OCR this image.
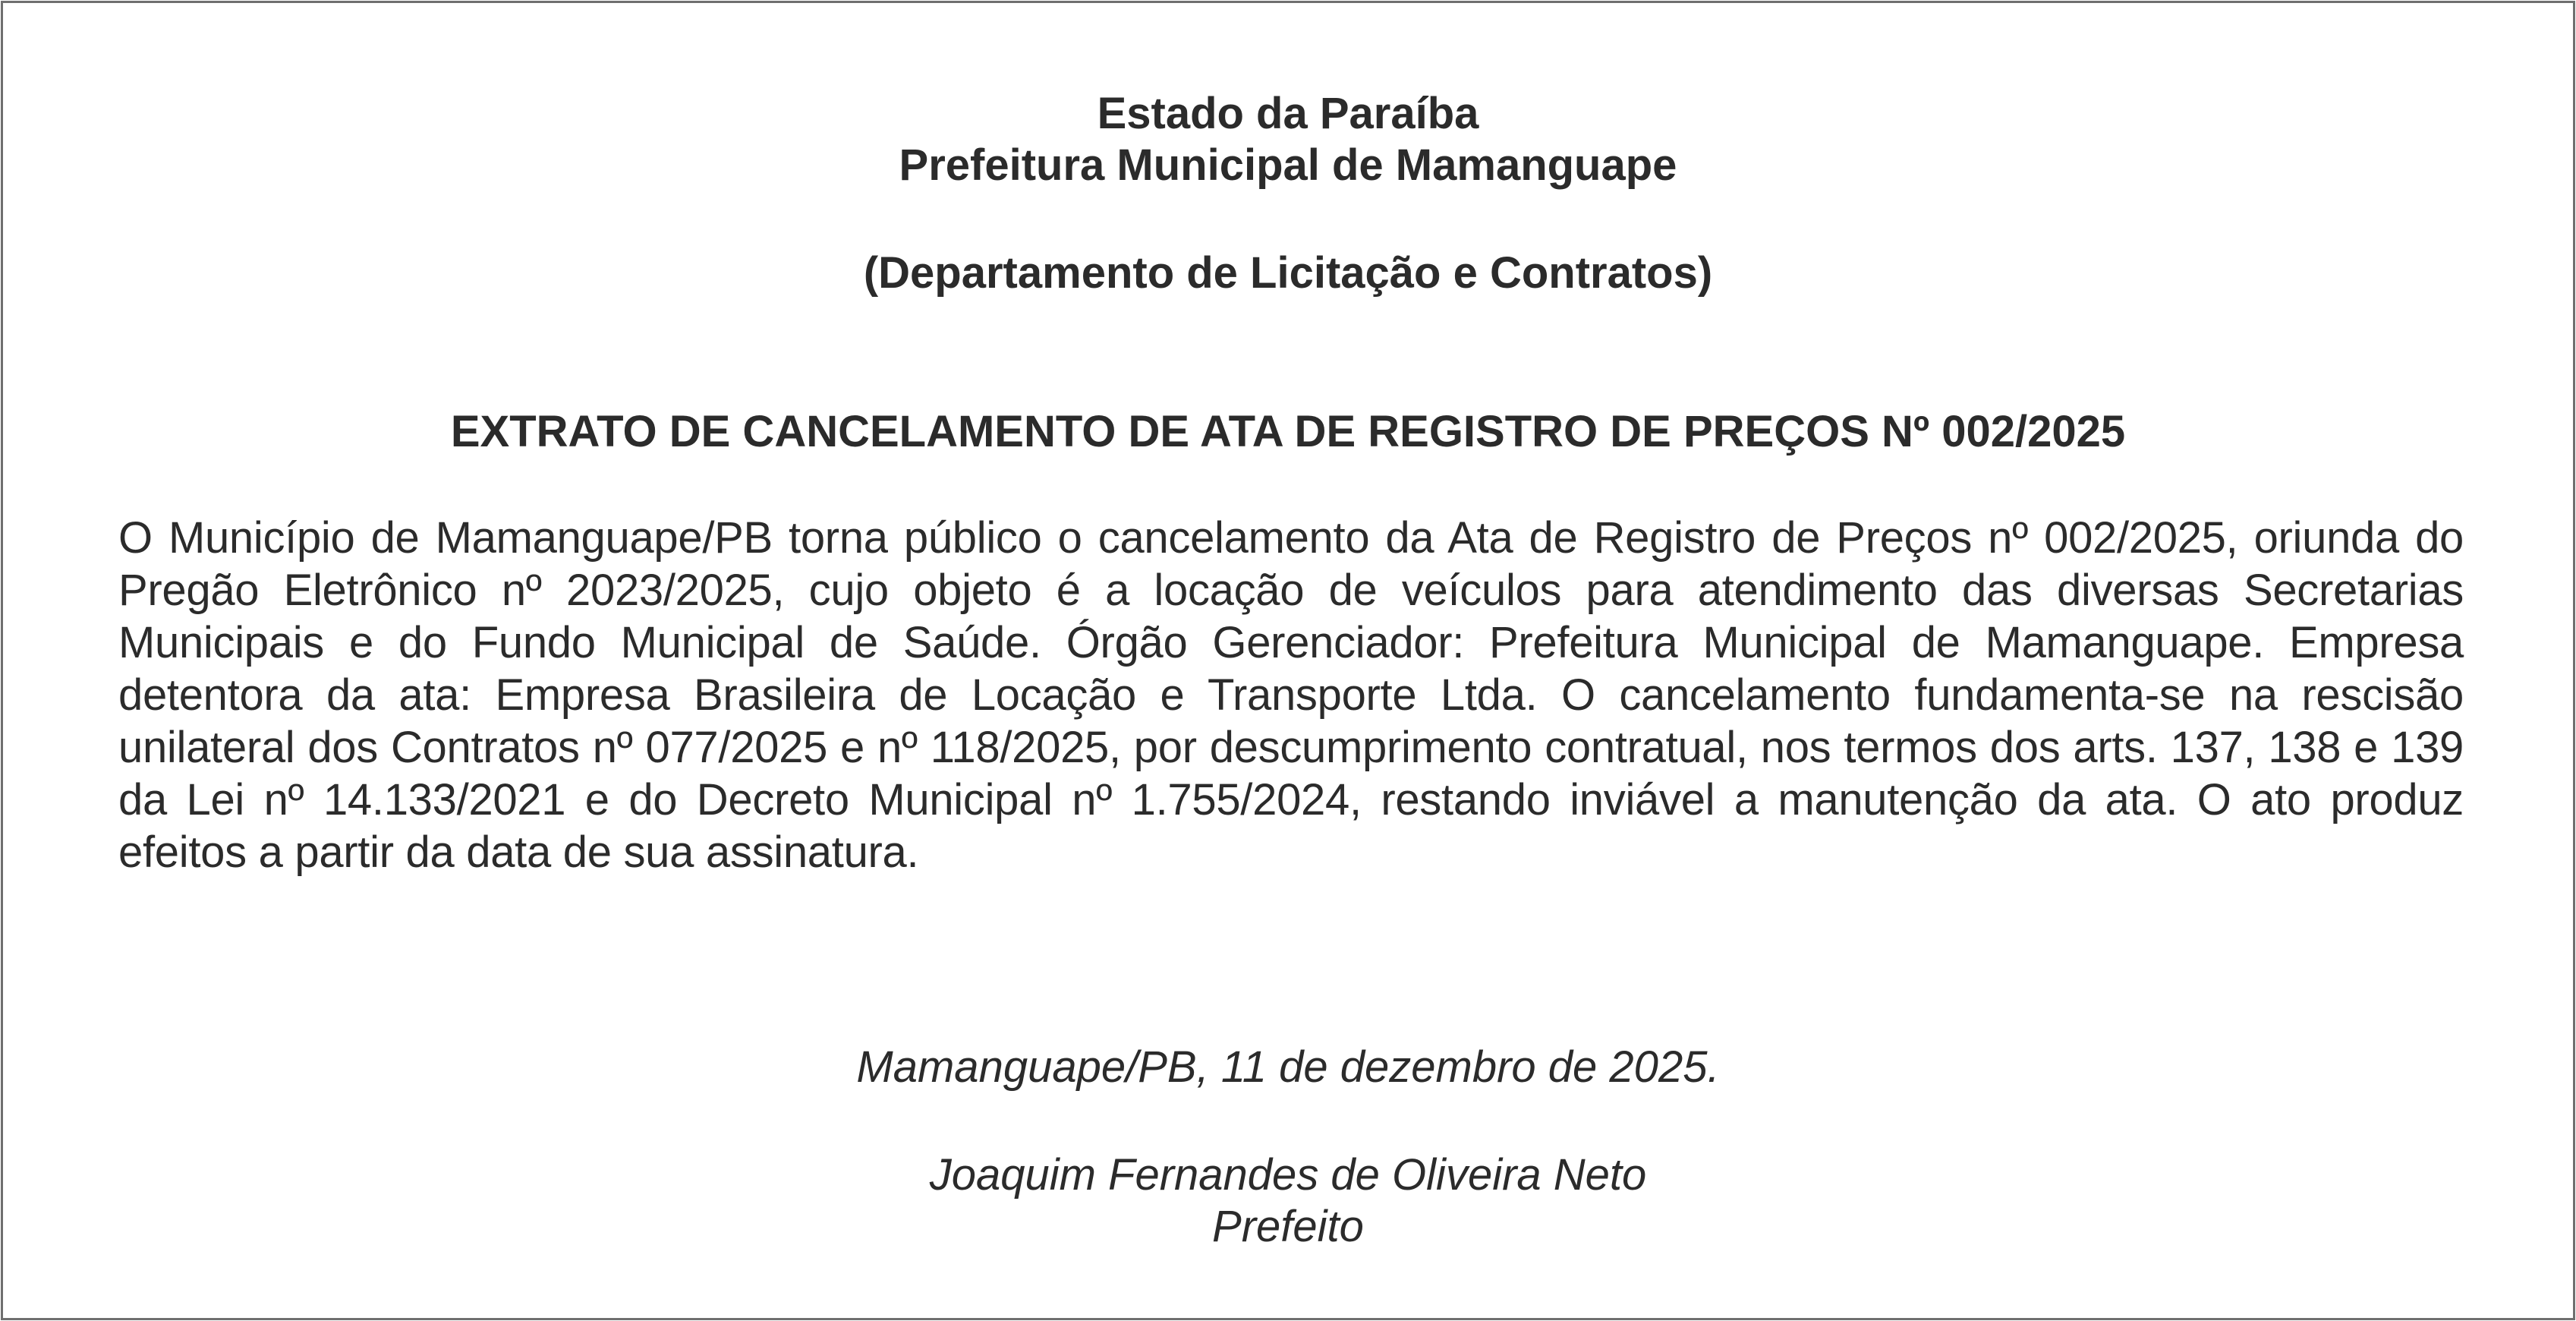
Estado da Paraíba
Prefeitura Municipal de Mamanguape
(Departamento de Licitação e Contratos)
EXTRATO DE CANCELAMENTO DE ATA DE REGISTRO DE PREÇOS Nº 002/2025

O Município de Mamanguape/PB torna público o cancelamento da Ata de Registro de Preços nº 002/2025, oriunda do Pregão Eletrônico nº 2023/2025, cujo objeto é a locação de veículos para atendimento das diversas Secretarias Municipais e do Fundo Municipal de Saúde. Órgão Gerenciador: Prefeitura Municipal de Mamanguape. Empresa detentora da ata: Empresa Brasileira de Locação e Transporte Ltda. O cancelamento fundamenta-se na rescisão unilateral dos Contratos nº 077/2025 e nº 118/2025, por descumprimento contratual, nos termos dos arts. 137, 138 e 139 da Lei nº 14.133/2021 e do Decreto Municipal nº 1.755/2024, restando inviável a manutenção da ata. O ato produz efeitos a partir da data de sua assinatura.

Mamanguape/PB, 11 de dezembro de 2025.
Joaquim Fernandes de Oliveira Neto
Prefeito
